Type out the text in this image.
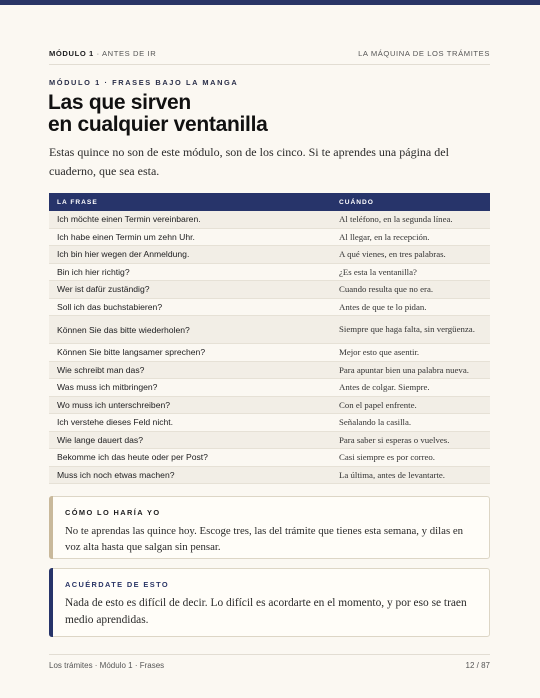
MÓDULO 1 · ANTES DE IR	LA MÁQUINA DE LOS TRÁMITES
MÓDULO 1 · FRASES BAJO LA MANGA
Las que sirven
en cualquier ventanilla

Estas quince no son de este módulo, son de los cinco. Si te aprendes una página del cuaderno, que sea esta.

LA FRASE	CUÁNDO
Ich möchte einen Termin vereinbaren.	Al teléfono, en la segunda línea.
Ich habe einen Termin um zehn Uhr.	Al llegar, en la recepción.
Ich bin hier wegen der Anmeldung.	A qué vienes, en tres palabras.
Bin ich hier richtig?	¿Es esta la ventanilla?
Wer ist dafür zuständig?	Cuando resulta que no era.
Soll ich das buchstabieren?	Antes de que te lo pidan.
Können Sie das bitte wiederholen?	Siempre que haga falta, sin vergüenza.
Können Sie bitte langsamer sprechen?	Mejor esto que asentir.
Wie schreibt man das?	Para apuntar bien una palabra nueva.
Was muss ich mitbringen?	Antes de colgar. Siempre.
Wo muss ich unterschreiben?	Con el papel enfrente.
Ich verstehe dieses Feld nicht.	Señalando la casilla.
Wie lange dauert das?	Para saber si esperas o vuelves.
Bekomme ich das heute oder per Post?	Casi siempre es por correo.
Muss ich noch etwas machen?	La última, antes de levantarte.
CÓMO LO HARÍA YO
No te aprendas las quince hoy. Escoge tres, las del trámite que tienes esta semana, y dilas en voz alta hasta que salgan sin pensar.
ACUÉRDATE DE ESTO
Nada de esto es difícil de decir. Lo difícil es acordarte en el momento, y por eso se traen medio aprendidas.
Los trámites · Módulo 1 · Frases	12 / 87
